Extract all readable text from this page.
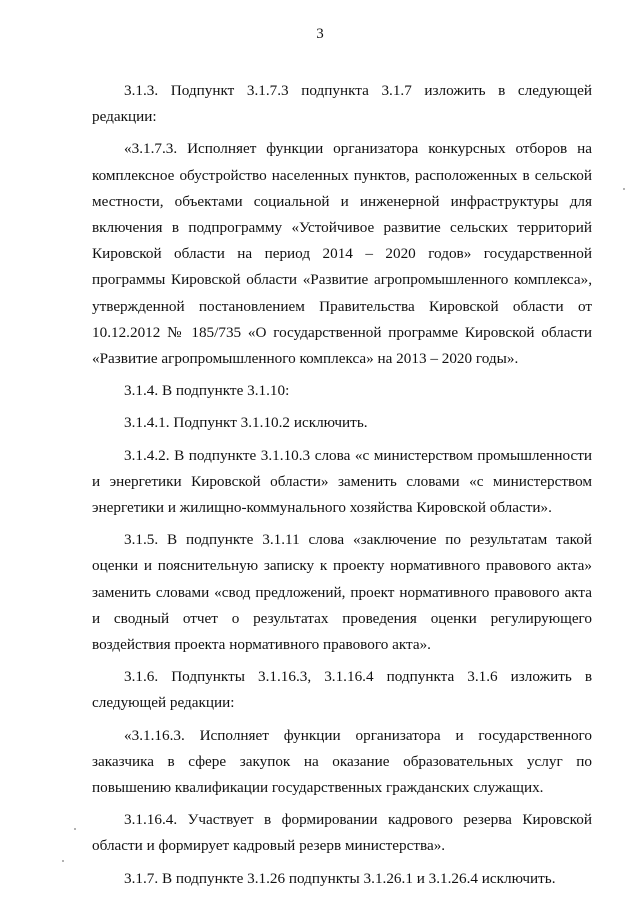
3

3.1.3. Подпункт 3.1.7.3 подпункта 3.1.7 изложить в следующей редакции:

«3.1.7.3. Исполняет функции организатора конкурсных отборов на комплексное обустройство населенных пунктов, расположенных в сельской местности, объектами социальной и инженерной инфраструктуры для включения в подпрограмму «Устойчивое развитие сельских территорий Кировской области на период 2014 – 2020 годов» государственной программы Кировской области «Развитие агропромышленного комплекса», утвержденной постановлением Правительства Кировской области от 10.12.2012 № 185/735 «О государственной программе Кировской области «Развитие агропромышленного комплекса» на 2013 – 2020 годы».

3.1.4. В подпункте 3.1.10:

3.1.4.1. Подпункт 3.1.10.2 исключить.

3.1.4.2. В подпункте 3.1.10.3 слова «с министерством промышленности и энергетики Кировской области» заменить словами «с министерством энергетики и жилищно-коммунального хозяйства Кировской области».

3.1.5. В подпункте 3.1.11 слова «заключение по результатам такой оценки и пояснительную записку к проекту нормативного правового акта» заменить словами «свод предложений, проект нормативного правового акта и сводный отчет о результатах проведения оценки регулирующего воздействия проекта нормативного правового акта».

3.1.6. Подпункты 3.1.16.3, 3.1.16.4 подпункта 3.1.6 изложить в следующей редакции:

«3.1.16.3. Исполняет функции организатора и государственного заказчика в сфере закупок на оказание образовательных услуг по повышению квалификации государственных гражданских служащих.

3.1.16.4. Участвует в формировании кадрового резерва Кировской области и формирует кадровый резерв министерства».

3.1.7. В подпункте 3.1.26 подпункты 3.1.26.1 и 3.1.26.4 исключить.
